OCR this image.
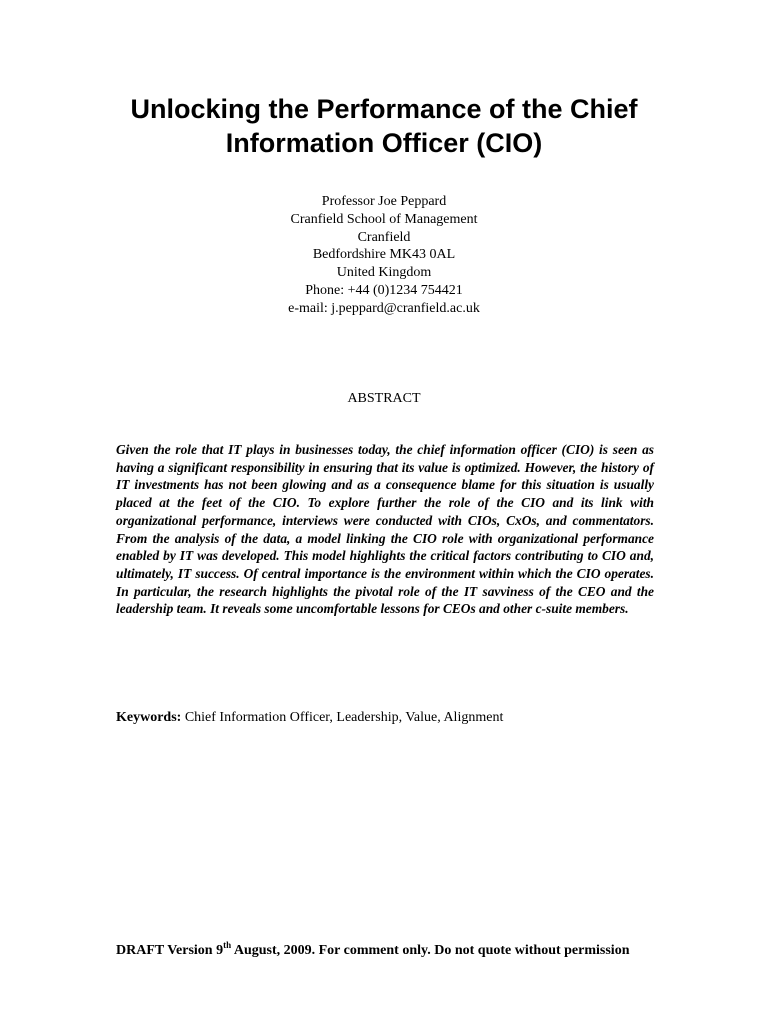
Unlocking the Performance of the Chief
Information Officer (CIO)
Professor Joe Peppard
Cranfield School of Management
Cranfield
Bedfordshire MK43 0AL
United Kingdom
Phone: +44 (0)1234 754421
e-mail: j.peppard@cranfield.ac.uk
ABSTRACT

Given the role that IT plays in businesses today, the chief information officer (CIO) is seen as having a significant responsibility in ensuring that its value is optimized. However, the history of IT investments has not been glowing and as a consequence blame for this situation is usually placed at the feet of the CIO. To explore further the role of the CIO and its link with organizational performance, interviews were conducted with CIOs, CxOs, and commentators. From the analysis of the data, a model linking the CIO role with organizational performance enabled by IT was developed. This model highlights the critical factors contributing to CIO and, ultimately, IT success. Of central importance is the environment within which the CIO operates. In particular, the research highlights the pivotal role of the IT savviness of the CEO and the leadership team. It reveals some uncomfortable lessons for CEOs and other c-suite members.

Keywords: Chief Information Officer, Leadership, Value, Alignment

DRAFT Version 9th August, 2009. For comment only. Do not quote without permission
